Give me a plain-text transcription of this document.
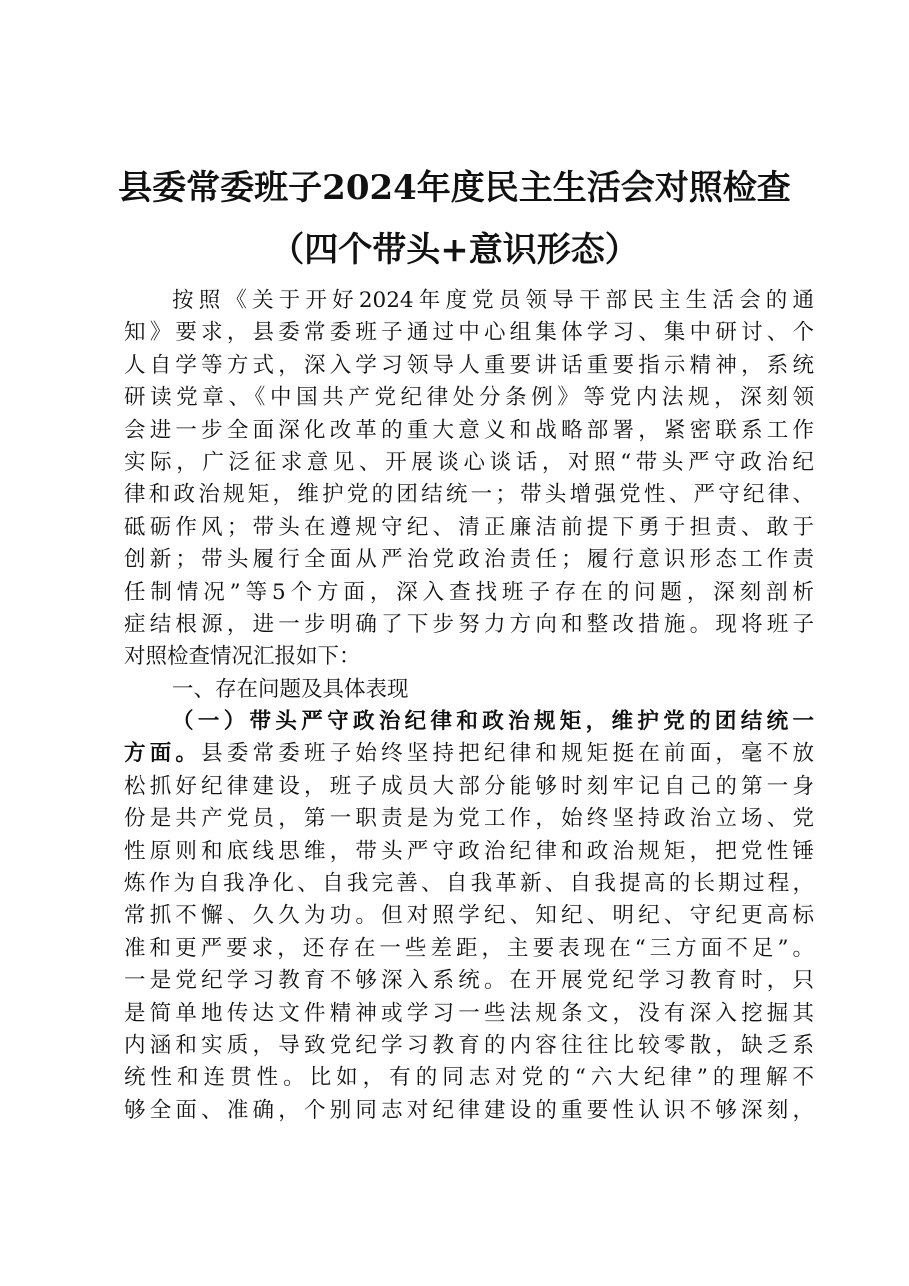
县委常委班子2024年度民主生活会对照检查
（四个带头+意识形态）
按照《关于开好2024年度党员领导干部民主生活会的通
知》要求，县委常委班子通过中心组集体学习、集中研讨、个
人自学等方式，深入学习领导人重要讲话重要指示精神，系统
研读党章、《中国共产党纪律处分条例》等党内法规，深刻领
会进一步全面深化改革的重大意义和战略部署，紧密联系工作
实际，广泛征求意见、开展谈心谈话，对照“带头严守政治纪
律和政治规矩，维护党的团结统一；带头增强党性、严守纪律、
砥砺作风；带头在遵规守纪、清正廉洁前提下勇于担责、敢于
创新；带头履行全面从严治党政治责任；履行意识形态工作责
任制情况”等5个方面，深入查找班子存在的问题，深刻剖析
症结根源，进一步明确了下步努力方向和整改措施。现将班子
对照检查情况汇报如下：
一、存在问题及具体表现
（一）带头严守政治纪律和政治规矩，维护党的团结统一
方面。县委常委班子始终坚持把纪律和规矩挺在前面，毫不放
松抓好纪律建设，班子成员大部分能够时刻牢记自己的第一身
份是共产党员，第一职责是为党工作，始终坚持政治立场、党
性原则和底线思维，带头严守政治纪律和政治规矩，把党性锤
炼作为自我净化、自我完善、自我革新、自我提高的长期过程，
常抓不懈、久久为功。但对照学纪、知纪、明纪、守纪更高标
准和更严要求，还存在一些差距，主要表现在“三方面不足”。
一是党纪学习教育不够深入系统。在开展党纪学习教育时，只
是简单地传达文件精神或学习一些法规条文，没有深入挖掘其
内涵和实质，导致党纪学习教育的内容往往比较零散，缺乏系
统性和连贯性。比如，有的同志对党的“六大纪律”的理解不
够全面、准确，个别同志对纪律建设的重要性认识不够深刻，
